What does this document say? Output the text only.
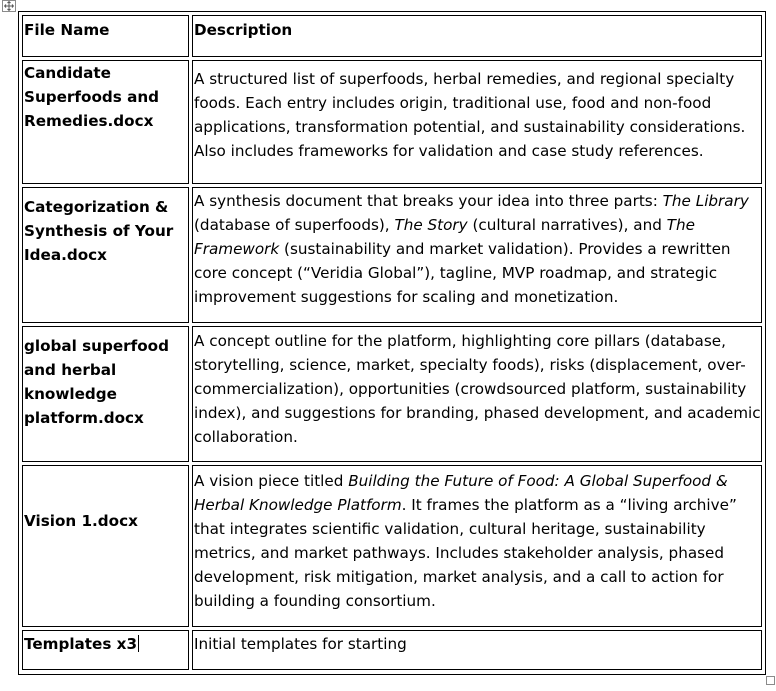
File Name	Description
Candidate Superfoods and Remedies.docx
A structured list of superfoods, herbal remedies, and regional specialty foods. Each entry includes origin, traditional use, food and non-food applications, transformation potential, and sustainability considerations. Also includes frameworks for validation and case study references.
Categorization & Synthesis of Your Idea.docx

A synthesis document that breaks your idea into three parts: The Library (database of superfoods), The Story (cultural narratives), and The Framework (sustainability and market validation). Provides a rewritten core concept (“Veridia Global”), tagline, MVP roadmap, and strategic improvement suggestions for scaling and monetization.

global superfood and herbal knowledge platform.docx
A concept outline for the platform, highlighting core pillars (database, storytelling, science, market, specialty foods), risks (displacement, over-commercialization), opportunities (crowdsourced platform, sustainability index), and suggestions for branding, phased development, and academic collaboration.
Vision 1.docx

A vision piece titled Building the Future of Food: A Global Superfood & Herbal Knowledge Platform. It frames the platform as a “living archive” that integrates scientific validation, cultural heritage, sustainability metrics, and market pathways. Includes stakeholder analysis, phased development, risk mitigation, market analysis, and a call to action for building a founding consortium.

Templates x3	Initial templates for starting
